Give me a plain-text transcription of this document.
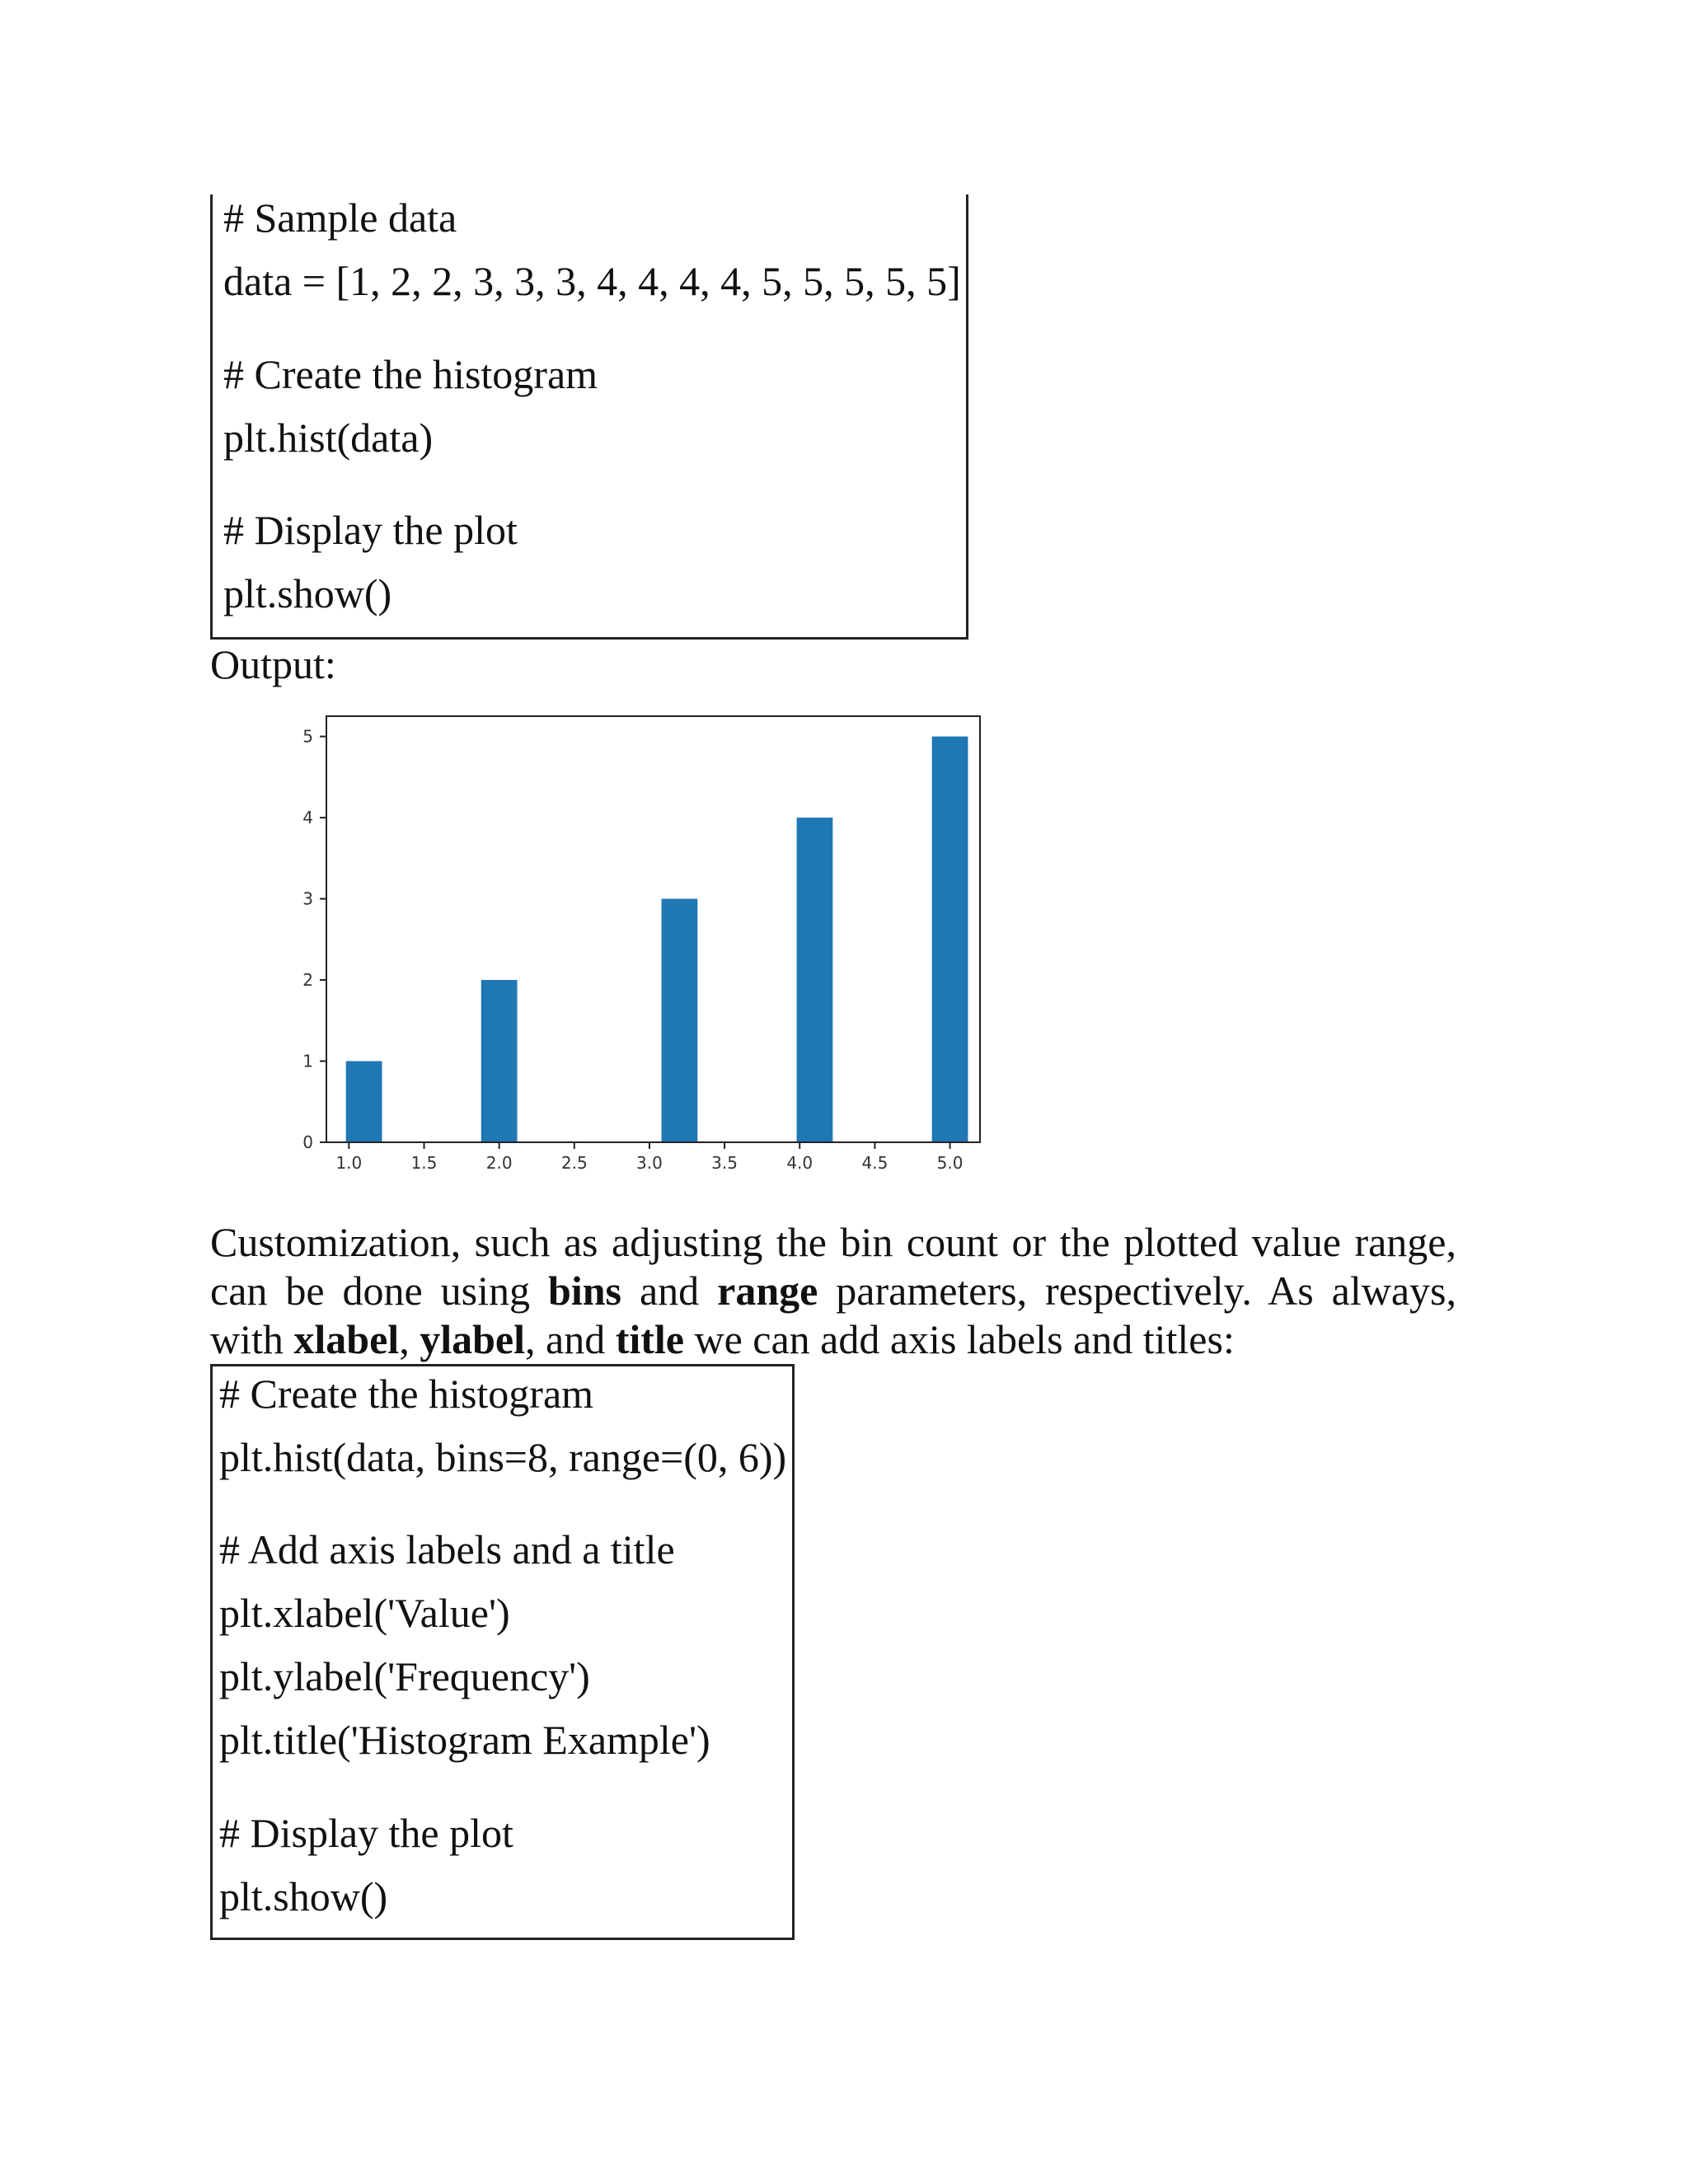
# Sample data
data = [1, 2, 2, 3, 3, 3, 4, 4, 4, 4, 5, 5, 5, 5, 5]
# Create the histogram
plt.hist(data)
# Display the plot
plt.show()
Output:
0
1
2
3
4
5
1.0	1.5	2.0	2.5	3.0	3.5	4.0	4.5	5.0
Customization, such as adjusting the bin count or the plotted value range, can be done using bins and range parameters, respectively. As always, with xlabel, ylabel, and title we can add axis labels and titles:
# Create the histogram
plt.hist(data, bins=8, range=(0, 6))
# Add axis labels and a title
plt.xlabel('Value')
plt.ylabel('Frequency')
plt.title('Histogram Example')
# Display the plot
plt.show()
